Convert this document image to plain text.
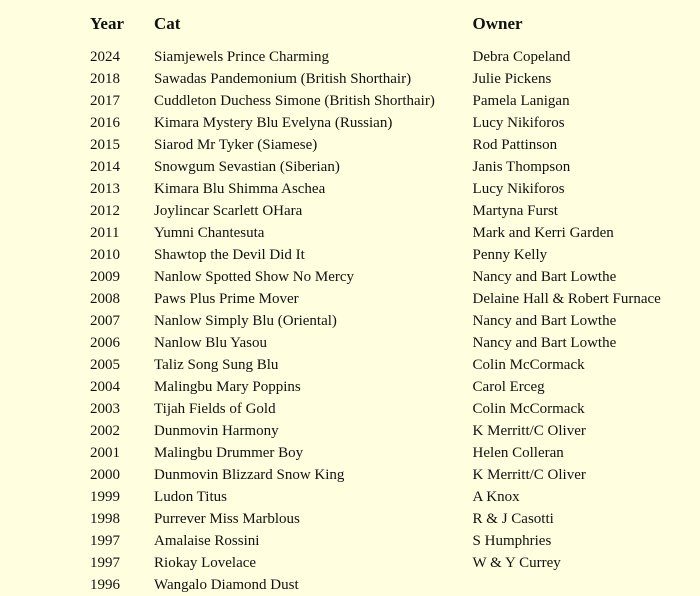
Year	Cat	Owner

2024	Siamjewels Prince Charming	Debra Copeland
2018	Sawadas Pandemonium (British Shorthair)	Julie Pickens
2017	Cuddleton Duchess Simone (British Shorthair)	Pamela Lanigan
2016	Kimara Mystery Blu Evelyna (Russian)	Lucy Nikiforos
2015	Siarod Mr Tyker (Siamese)	Rod Pattinson
2014	Snowgum Sevastian (Siberian)	Janis Thompson
2013	Kimara Blu Shimma Aschea	Lucy Nikiforos
2012	Joylincar Scarlett OHara	Martyna Furst
2011	Yumni Chantesuta	Mark and Kerri Garden
2010	Shawtop the Devil Did It	Penny Kelly
2009	Nanlow Spotted Show No Mercy	Nancy and Bart Lowthe
2008	Paws Plus Prime Mover	Delaine Hall & Robert Furnace
2007	Nanlow Simply Blu (Oriental)	Nancy and Bart Lowthe
2006	Nanlow Blu Yasou	Nancy and Bart Lowthe
2005	Taliz Song Sung Blu	Colin McCormack
2004	Malingbu Mary Poppins	Carol Erceg
2003	Tijah Fields of Gold	Colin McCormack
2002	Dunmovin Harmony	K Merritt/C Oliver
2001	Malingbu Drummer Boy	Helen Colleran
2000	Dunmovin Blizzard Snow King	K Merritt/C Oliver
1999	Ludon Titus	A Knox
1998	Purrever Miss Marblous	R & J Casotti
1997	Amalaise Rossini	S Humphries
1997	Riokay Lovelace	W & Y Currey
1996	Wangalo Diamond Dust	
